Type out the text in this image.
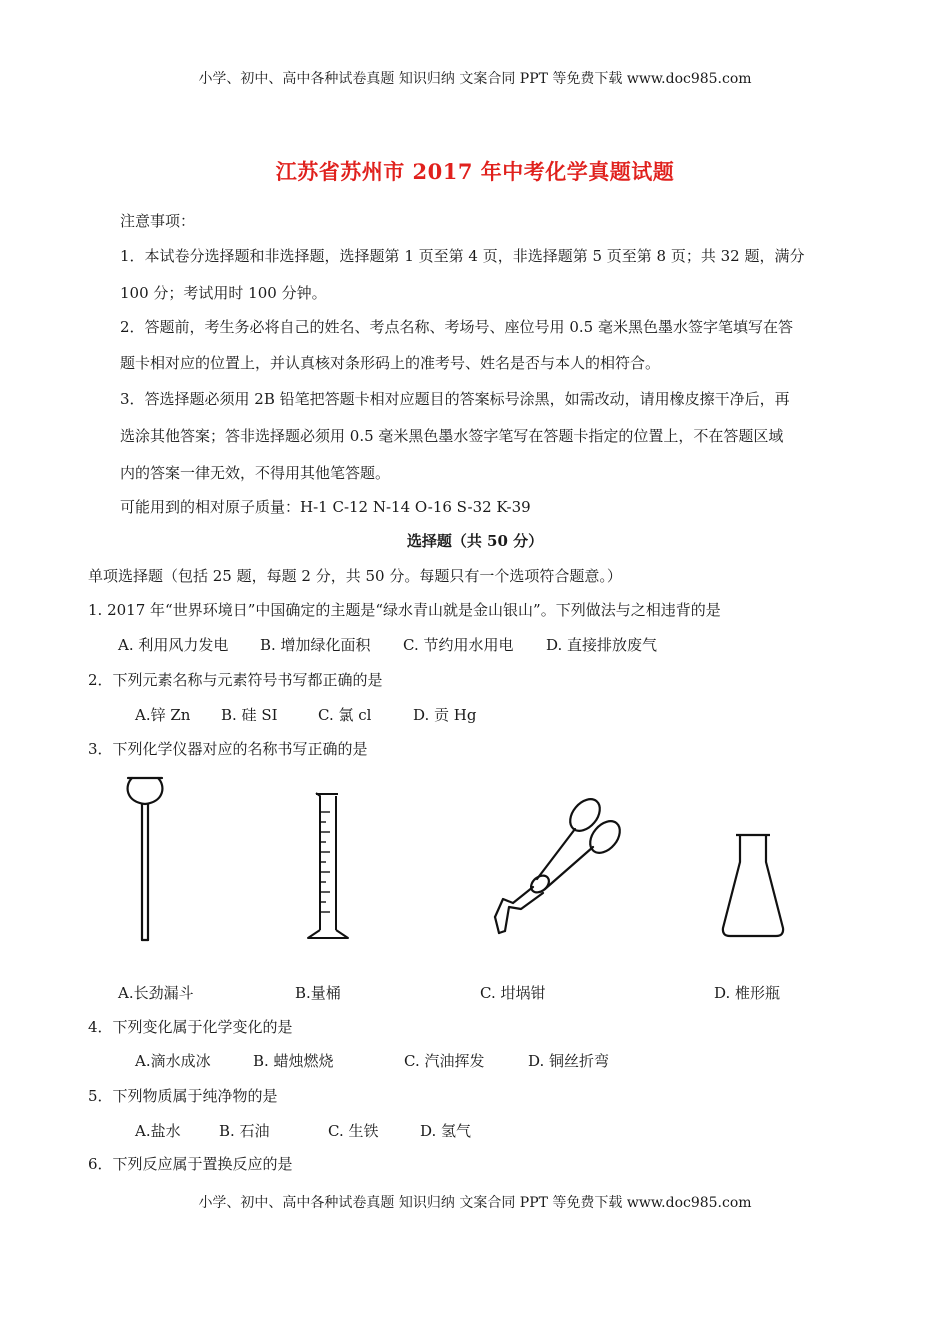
小学、初中、高中各种试卷真题 知识归纳 文案合同 PPT 等免费下载 www.doc985.com
江苏省苏州市 2017 年中考化学真题试题
注意事项：
1．本试卷分选择题和非选择题，选择题第 1 页至第 4 页，非选择题第 5 页至第 8 页；共 32 题，满分
100 分；考试用时 100 分钟。
2．答题前，考生务必将自己的姓名、考点名称、考场号、座位号用 0.5 毫米黑色墨水签字笔填写在答
题卡相对应的位置上，并认真核对条形码上的准考号、姓名是否与本人的相符合。
3．答选择题必须用 2B 铅笔把答题卡相对应题目的答案标号涂黑，如需改动，请用橡皮擦干净后，再
选涂其他答案；答非选择题必须用 0.5 毫米黑色墨水签字笔写在答题卡指定的位置上，不在答题区域
内的答案一律无效，不得用其他笔答题。
可能用到的相对原子质量：H-1 C-12 N-14 O-16 S-32 K-39
选择题（共 50 分）
单项选择题（包括 25 题，每题 2 分，共 50 分。每题只有一个选项符合题意。）
1. 2017 年“世界环境日”中国确定的主题是“绿水青山就是金山银山”。下列做法与之相违背的是
A. 利用风力发电 B. 增加绿化面积 C. 节约用水用电 D. 直接排放废气
2．下列元素名称与元素符号书写都正确的是
A.锌 Zn B. 硅 SI	C. 氯 cl	D. 贡 Hg
3．下列化学仪器对应的名称书写正确的是
A.长劲漏斗	B.量桶	C. 坩埚钳	D. 椎形瓶
4．下列变化属于化学变化的是
A.滴水成冰	B. 蜡烛燃烧	C. 汽油挥发	D. 铜丝折弯
5．下列物质属于纯净物的是
A.盐水	B. 石油	C. 生铁	D. 氢气
6．下列反应属于置换反应的是
小学、初中、高中各种试卷真题 知识归纳 文案合同 PPT 等免费下载 www.doc985.com
